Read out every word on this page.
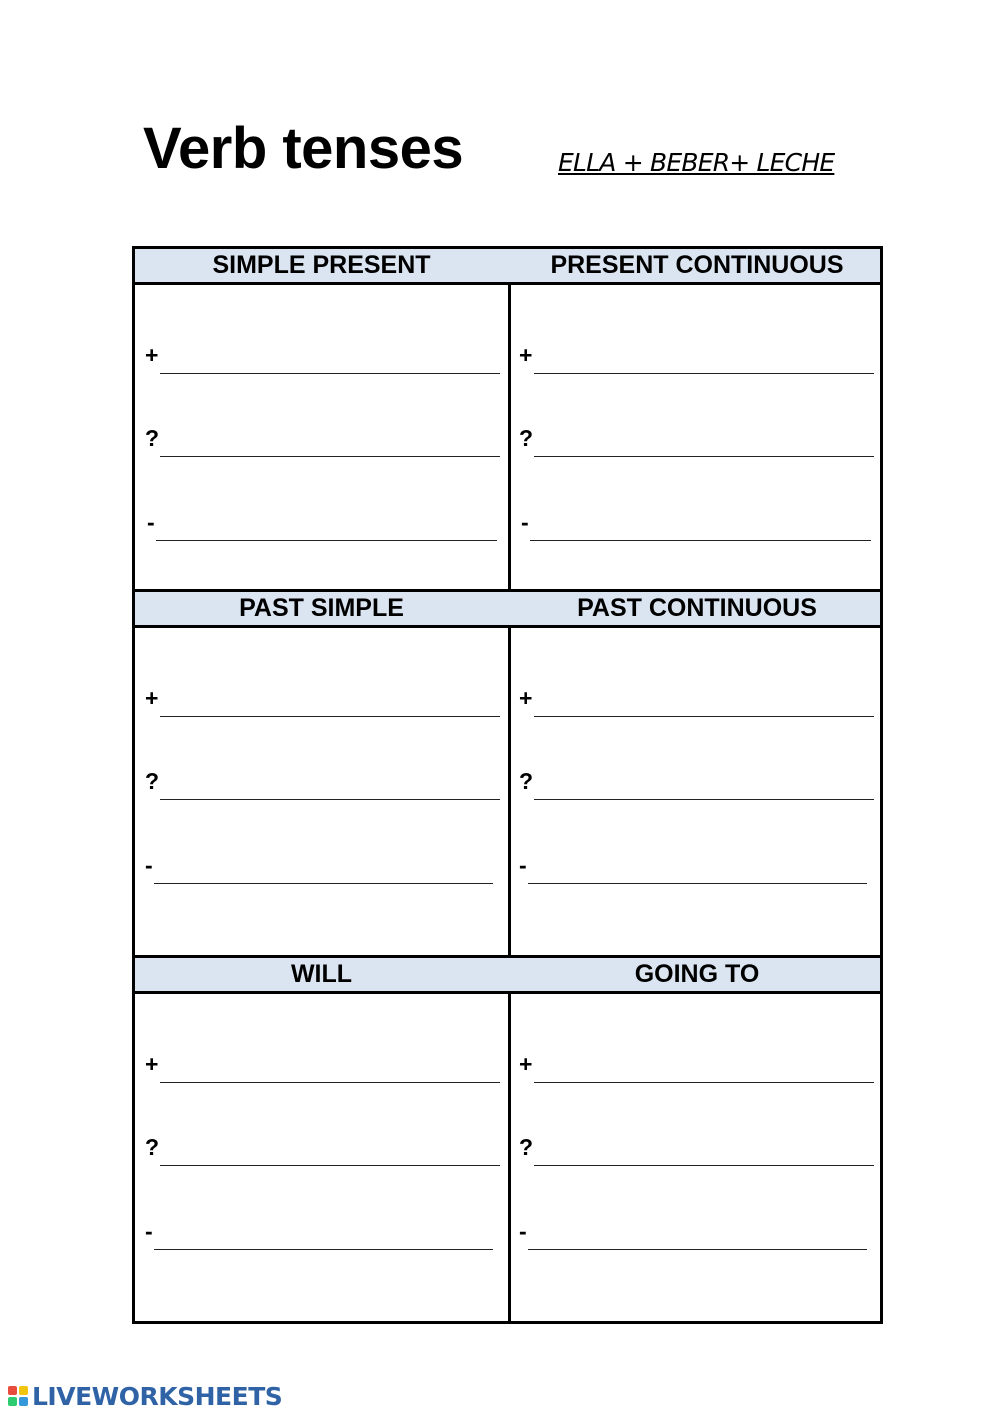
Verb tenses	ELLA + BEBER+ LECHE
SIMPLE PRESENT	PRESENT CONTINUOUS
+
?
-
+
?
-
PAST SIMPLE	PAST CONTINUOUS
+
?
-
+
?
-
WILL	GOING TO
+
?
-
+
?
-
LIVEWORKSHEETS
